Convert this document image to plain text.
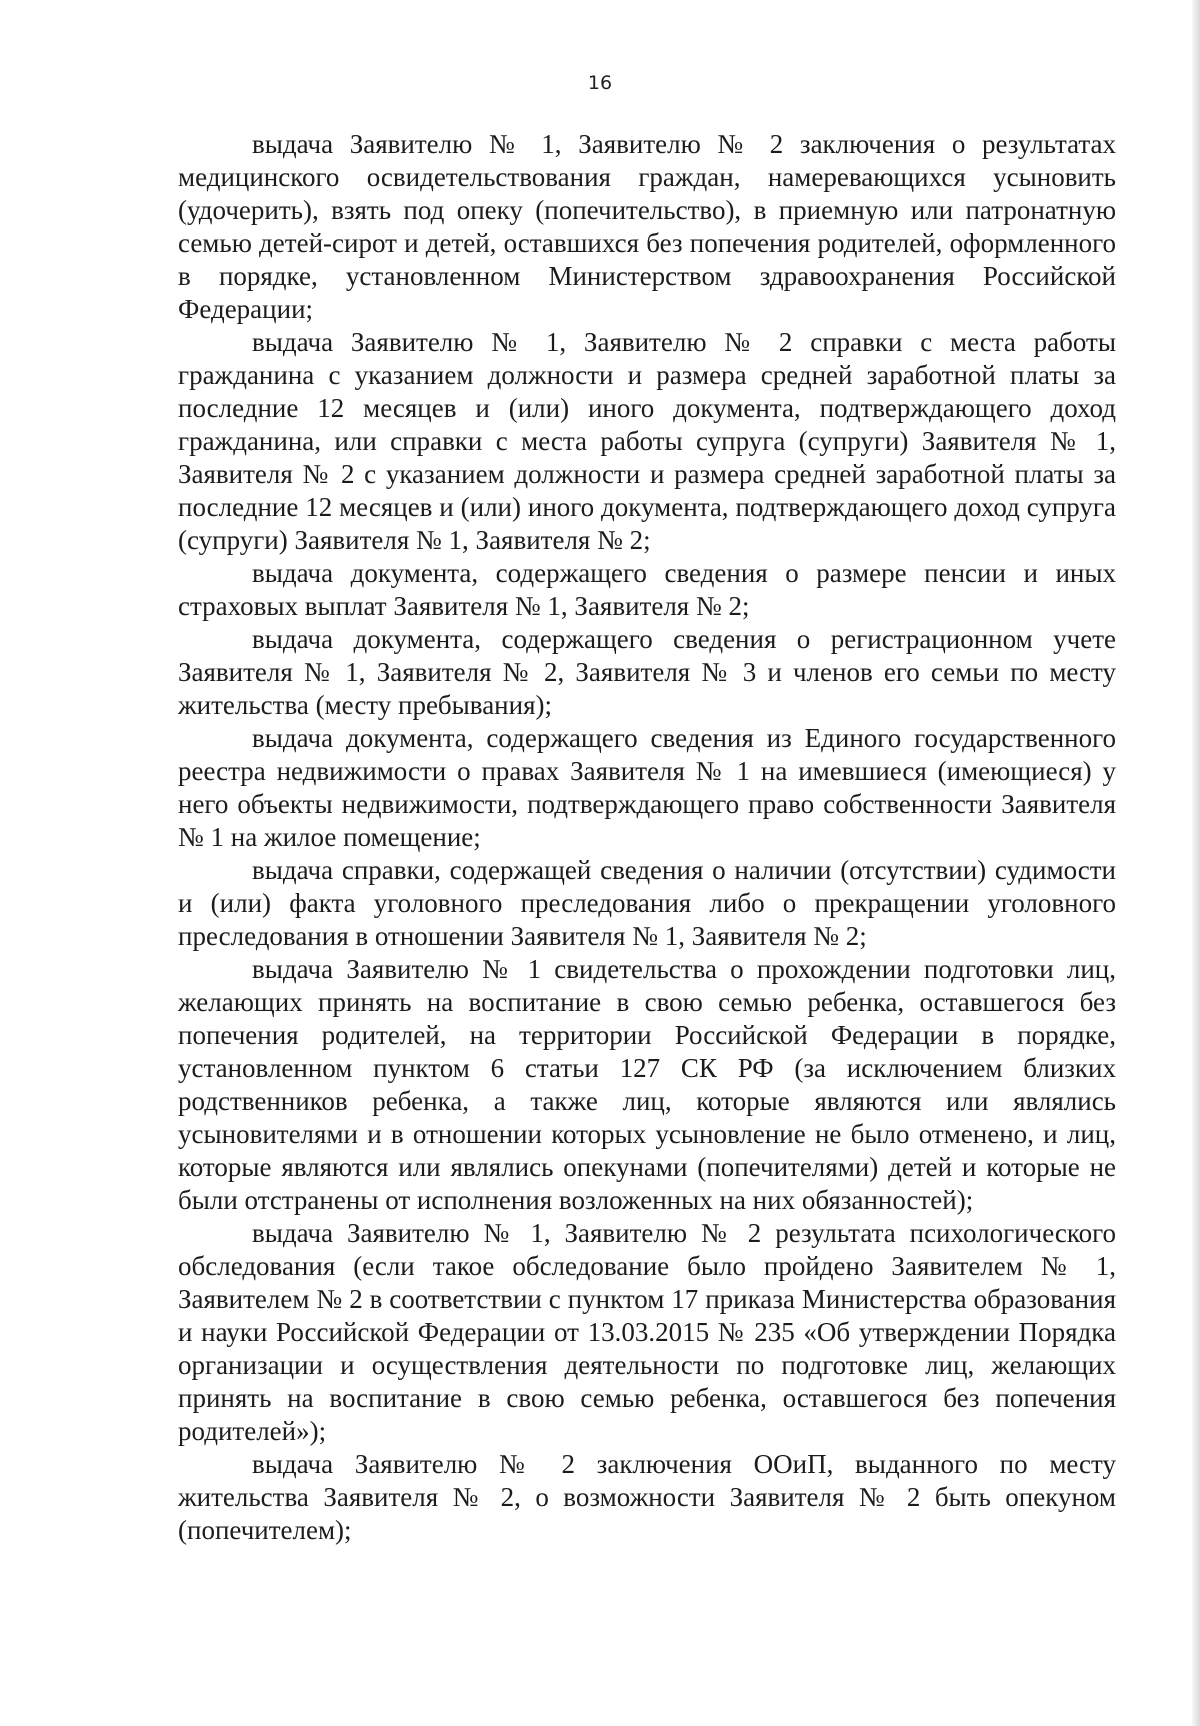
16

выдача Заявителю № 1, Заявителю № 2 заключения о результатах медицинского освидетельствования граждан, намеревающихся усыновить (удочерить), взять под опеку (попечительство), в приемную или патронатную семью детей-сирот и детей, оставшихся без попечения родителей, оформленного в порядке, установленном Министерством здравоохранения Российской Федерации;

выдача Заявителю № 1, Заявителю № 2 справки с места работы гражданина с указанием должности и размера средней заработной платы за последние 12 месяцев и (или) иного документа, подтверждающего доход гражданина, или справки с места работы супруга (супруги) Заявителя № 1, Заявителя № 2 с указанием должности и размера средней заработной платы за последние 12 месяцев и (или) иного документа, подтверждающего доход супруга (супруги) Заявителя № 1, Заявителя № 2;

выдача документа, содержащего сведения о размере пенсии и иных страховых выплат Заявителя № 1, Заявителя № 2;

выдача документа, содержащего сведения о регистрационном учете Заявителя № 1, Заявителя № 2, Заявителя № 3 и членов его семьи по месту жительства (месту пребывания);

выдача документа, содержащего сведения из Единого государственного реестра недвижимости о правах Заявителя № 1 на имевшиеся (имеющиеся) у него объекты недвижимости, подтверждающего право собственности Заявителя № 1 на жилое помещение;

выдача справки, содержащей сведения о наличии (отсутствии) судимости и (или) факта уголовного преследования либо о прекращении уголовного преследования в отношении Заявителя № 1, Заявителя № 2;

выдача Заявителю № 1 свидетельства о прохождении подготовки лиц, желающих принять на воспитание в свою семью ребенка, оставшегося без попечения родителей, на территории Российской Федерации в порядке, установленном пунктом 6 статьи 127 СК РФ (за исключением близких родственников ребенка, а также лиц, которые являются или являлись усыновителями и в отношении которых усыновление не было отменено, и лиц, которые являются или являлись опекунами (попечителями) детей и которые не были отстранены от исполнения возложенных на них обязанностей);

выдача Заявителю № 1, Заявителю № 2 результата психологического обследования (если такое обследование было пройдено Заявителем № 1, Заявителем № 2 в соответствии с пунктом 17 приказа Министерства образования и науки Российской Федерации от 13.03.2015 № 235 «Об утверждении Порядка организации и осуществления деятельности по подготовке лиц, желающих принять на воспитание в свою семью ребенка, оставшегося без попечения родителей»);

выдача Заявителю № 2 заключения ООиП, выданного по месту жительства Заявителя № 2, о возможности Заявителя № 2 быть опекуном (попечителем);
